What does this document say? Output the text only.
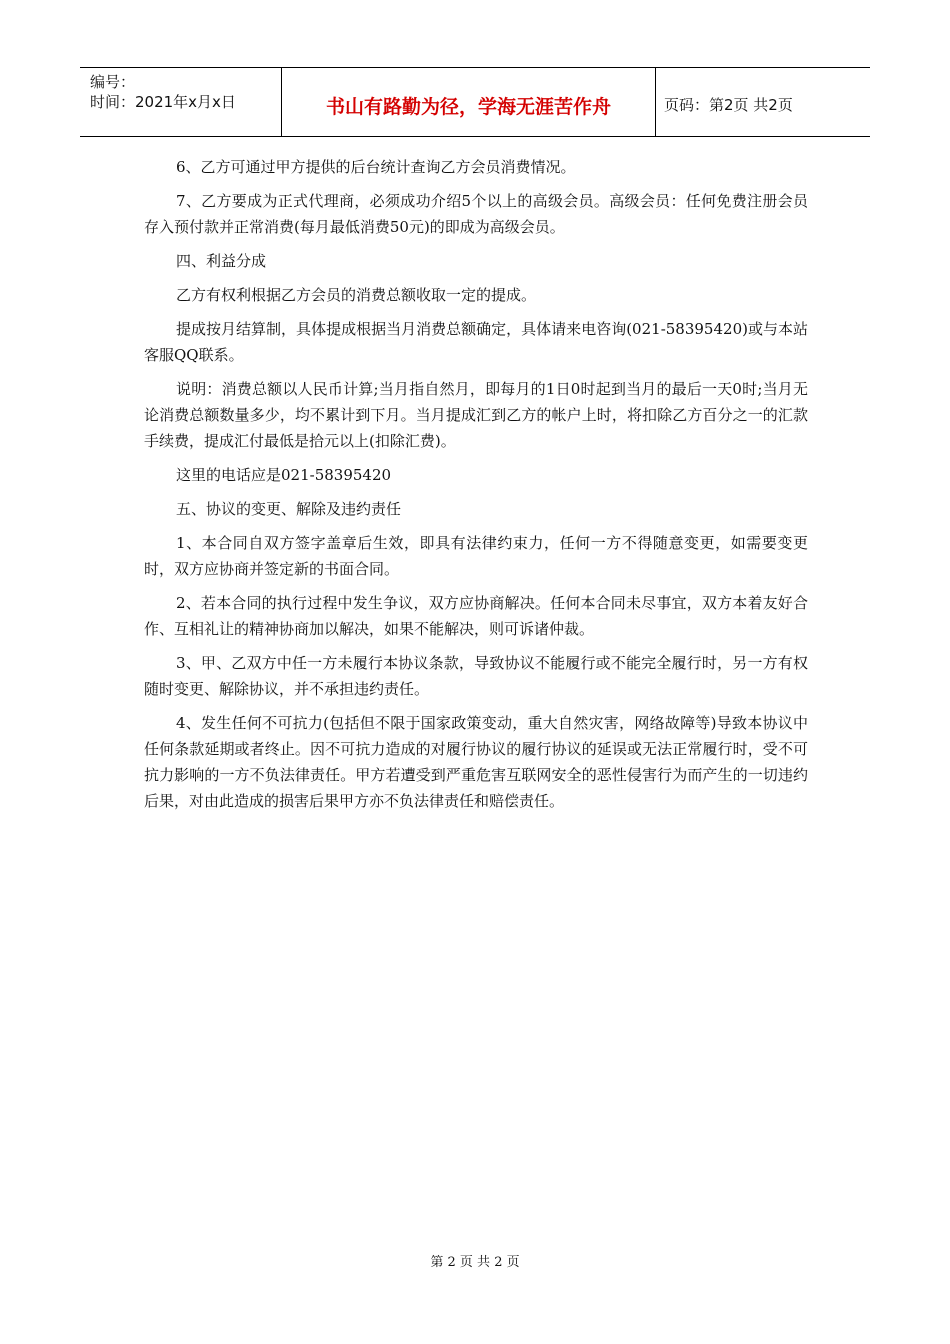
编号：
时间：2021年x月x日	书山有路勤为径，学海无涯苦作舟	页码：第2页 共2页

6、乙方可通过甲方提供的后台统计查询乙方会员消费情况。

7、乙方要成为正式代理商，必须成功介绍5个以上的高级会员。高级会员：任何免费注册会员存入预付款并正常消费(每月最低消费50元)的即成为高级会员。

四、利益分成

乙方有权利根据乙方会员的消费总额收取一定的提成。

提成按月结算制，具体提成根据当月消费总额确定，具体请来电咨询(021-58395420)或与本站客服QQ联系。

说明：消费总额以人民币计算;当月指自然月，即每月的1日0时起到当月的最后一天0时;当月无论消费总额数量多少，均不累计到下月。当月提成汇到乙方的帐户上时，将扣除乙方百分之一的汇款手续费，提成汇付最低是拾元以上(扣除汇费)。

这里的电话应是021-58395420

五、协议的变更、解除及违约责任

1、本合同自双方签字盖章后生效，即具有法律约束力，任何一方不得随意变更，如需要变更时，双方应协商并签定新的书面合同。

2、若本合同的执行过程中发生争议，双方应协商解决。任何本合同未尽事宜，双方本着友好合作、互相礼让的精神协商加以解决，如果不能解决，则可诉诸仲裁。

3、甲、乙双方中任一方未履行本协议条款，导致协议不能履行或不能完全履行时，另一方有权随时变更、解除协议，并不承担违约责任。

4、发生任何不可抗力(包括但不限于国家政策变动，重大自然灾害，网络故障等)导致本协议中任何条款延期或者终止。因不可抗力造成的对履行协议的履行协议的延误或无法正常履行时，受不可抗力影响的一方不负法律责任。甲方若遭受到严重危害互联网安全的恶性侵害行为而产生的一切违约后果，对由此造成的损害后果甲方亦不负法律责任和赔偿责任。

第 2 页 共 2 页
